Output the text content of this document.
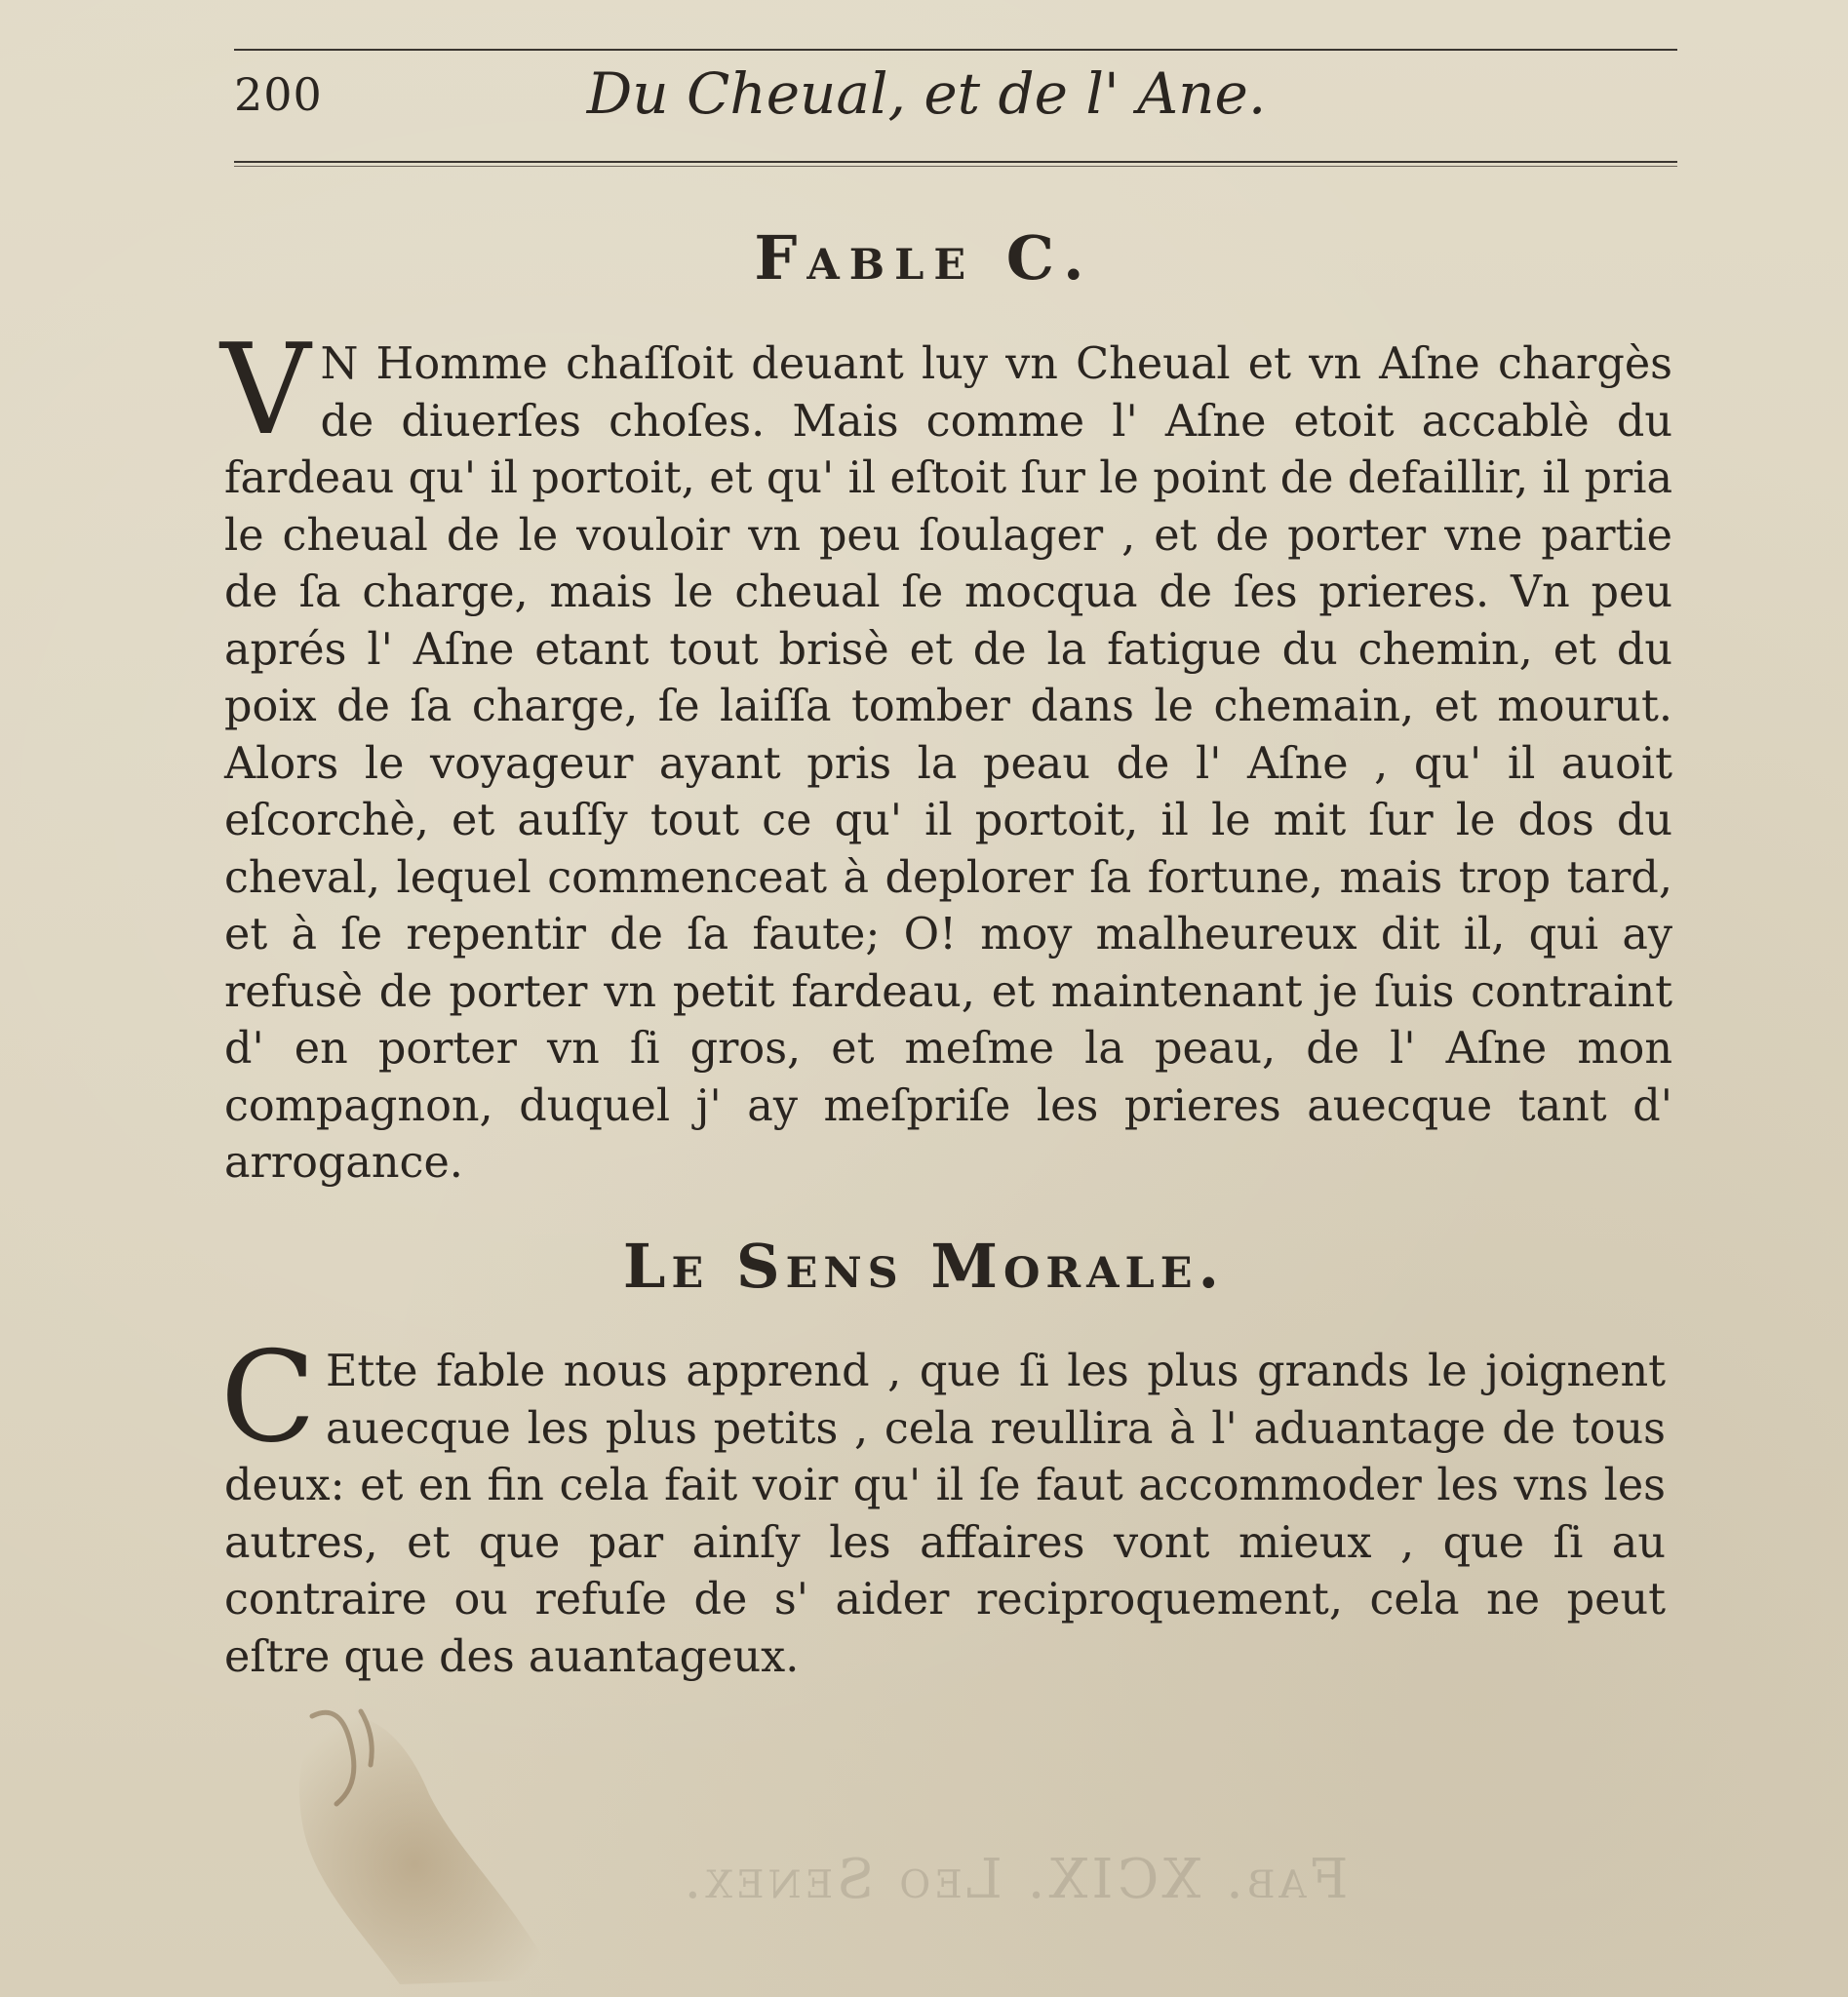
200	Du Cheual, et de l' Ane.
Fable C.
V N Homme chaſſoit deuant luy vn Cheual et vn Aſne chargès de diuerſes choſes. Mais comme l' Aſne etoit accablè du fardeau qu' il portoit, et qu' il eſtoit ſur le point de defaillir, il pria le cheual de le vouloir vn peu ſoulager , et de porter vne partie de ſa charge, mais le cheual ſe mocqua de ſes prieres. Vn peu aprés l' Aſne etant tout brisè et de la fatigue du chemin, et du poix de ſa charge, ſe laiſſa tomber dans le chemain, et mourut. Alors le voyageur ayant pris la peau de l' Aſne , qu' il auoit eſcorchè, et auſſy tout ce qu' il portoit, il le mit ſur le dos du cheval, lequel commenceat à deplorer ſa fortune, mais trop tard, et à ſe repentir de ſa faute; O! moy malheureux dit il, qui ay refusè de porter vn petit fardeau, et maintenant je ſuis contraint d' en porter vn ſi gros, et meſme la peau, de l' Aſne mon compagnon, duquel j' ay meſpriſe les prieres auecque tant d' arrogance.
Le Sens Morale.
C Ette fable nous apprend , que ſi les plus grands le joignent auecque les plus petits , cela reullira à l' aduantage de tous deux: et en fin cela fait voir qu' il ſe faut accommoder les vns les autres, et que par ainſy les affaires vont mieux , que ſi au contraire ou refuſe de s' aider reciproquement, cela ne peut eſtre que des auantageux.
Fab. XCIX. Leo Senex.
